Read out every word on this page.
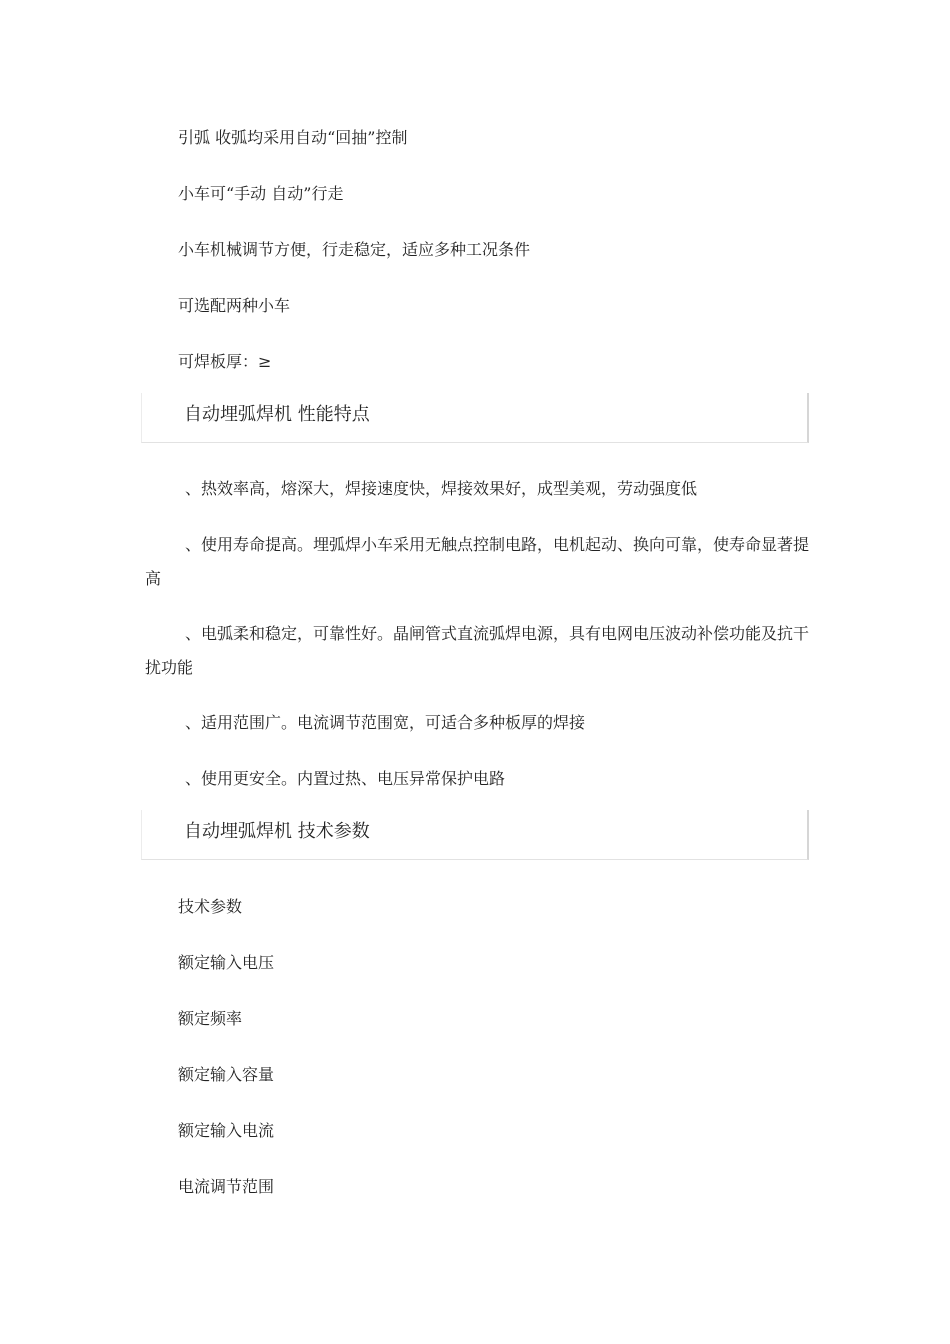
引弧 收弧均采用自动“回抽”控制
小车可“手动 自动”行走
小车机械调节方便，行走稳定，适应多种工况条件
可选配两种小车
可焊板厚：≥
自动埋弧焊机 性能特点
、热效率高，熔深大，焊接速度快，焊接效果好，成型美观，劳动强度低
、使用寿命提高。埋弧焊小车采用无触点控制电路，电机起动、换向可靠，使寿命显著提高
、电弧柔和稳定，可靠性好。晶闸管式直流弧焊电源，具有电网电压波动补偿功能及抗干扰功能
、适用范围广。电流调节范围宽，可适合多种板厚的焊接
、使用更安全。内置过热、电压异常保护电路
自动埋弧焊机 技术参数
技术参数
额定输入电压
额定频率
额定输入容量
额定输入电流
电流调节范围
